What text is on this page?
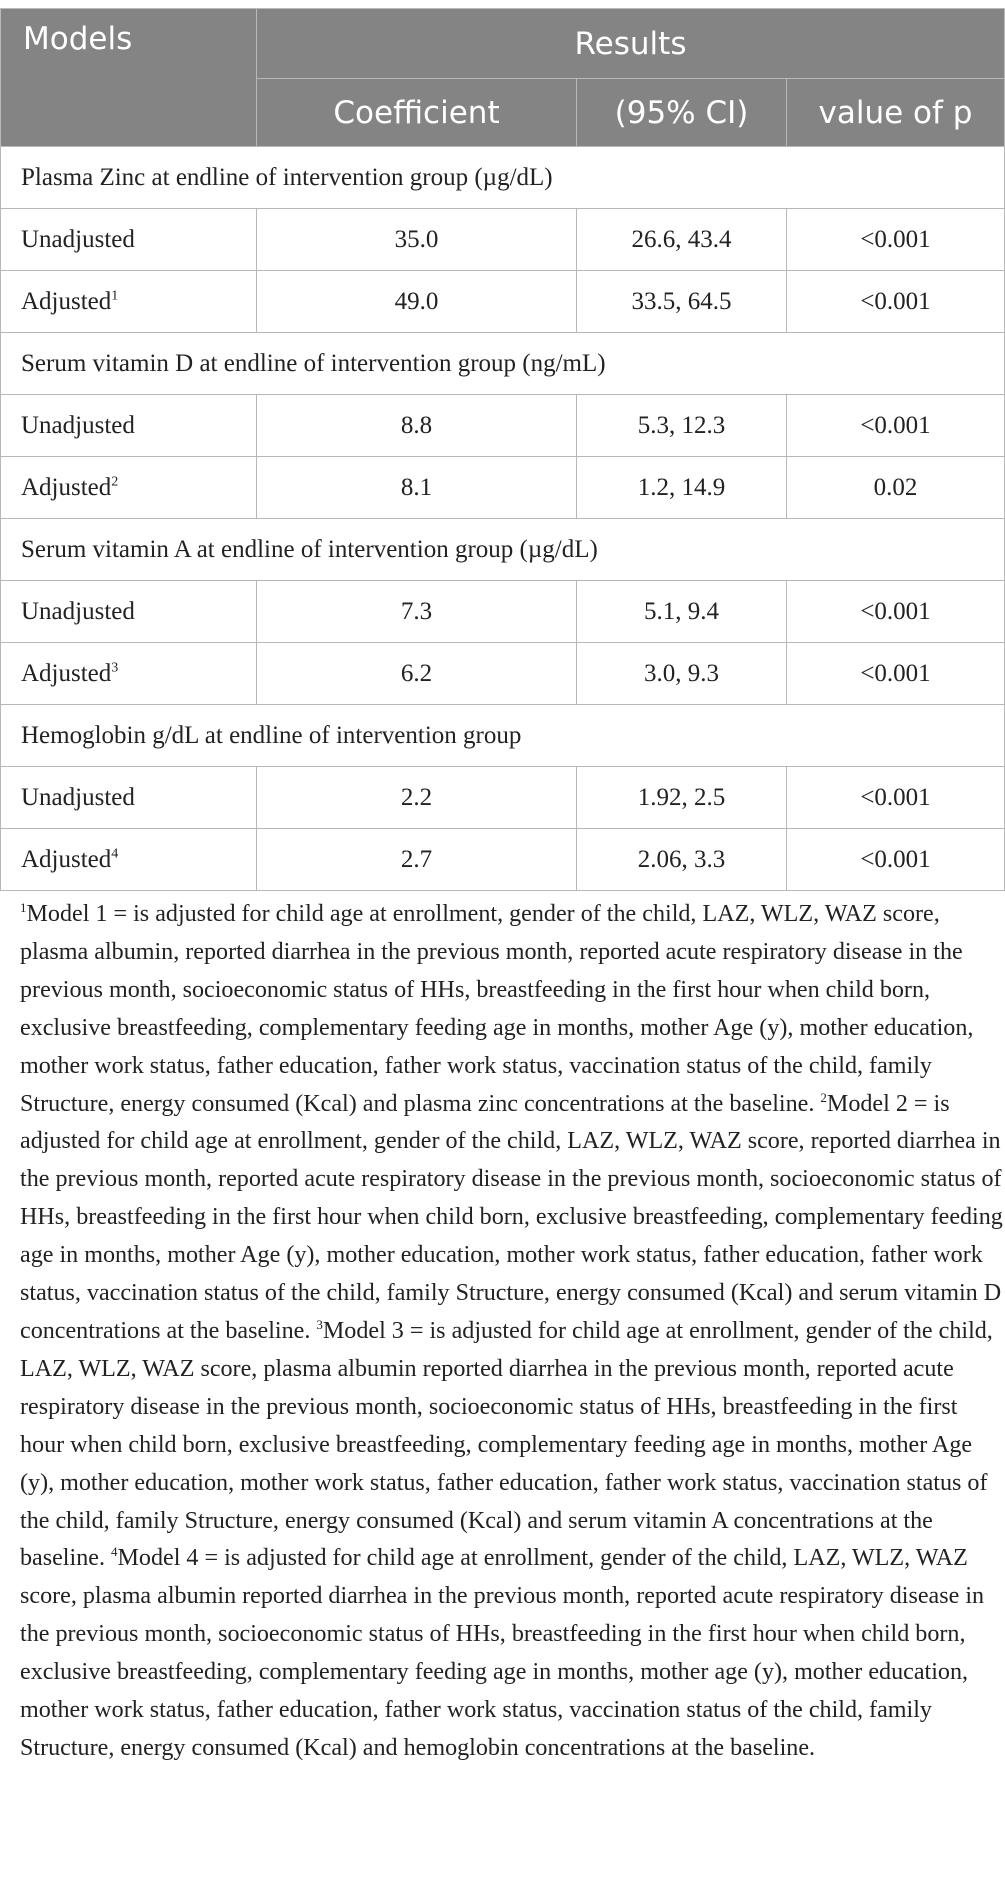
Models	Results		
	Coefficient	(95% CI)	value of p
Plasma Zinc at endline of intervention group (µg/dL)			
Unadjusted	35.0	26.6, 43.4	<0.001
Adjusted$^1$	49.0	33.5, 64.5	<0.001
Serum vitamin D at endline of intervention group (ng/mL)			
Unadjusted	8.8	5.3, 12.3	<0.001
Adjusted$^2$	8.1	1.2, 14.9	0.02
Serum vitamin A at endline of intervention group (µg/dL)			
Unadjusted	7.3	5.1, 9.4	<0.001
Adjusted$^3$	6.2	3.0, 9.3	<0.001
Hemoglobin g/dL at endline of intervention group			
Unadjusted	2.2	1.92, 2.5	<0.001
Adjusted$^4$	2.7	2.06, 3.3	<0.001
$^1$Model 1 = is adjusted for child age at enrollment, gender of the child, LAZ, WLZ, WAZ score, plasma albumin, reported diarrhea in the previous month, reported acute respiratory disease in the previous month, socioeconomic status of HHs, breastfeeding in the first hour when child born, exclusive breastfeeding, complementary feeding age in months, mother Age (y), mother education, mother work status, father education, father work status, vaccination status of the child, family Structure, energy consumed (Kcal) and plasma zinc concentrations at the baseline. $^2$Model 2 = is adjusted for child age at enrollment, gender of the child, LAZ, WLZ, WAZ score, reported diarrhea in the previous month, reported acute respiratory disease in the previous month, socioeconomic status of HHs, breastfeeding in the first hour when child born, exclusive breastfeeding, complementary feeding age in months, mother Age (y), mother education, mother work status, father education, father work status, vaccination status of the child, family Structure, energy consumed (Kcal) and serum vitamin D concentrations at the baseline. $^3$Model 3 = is adjusted for child age at enrollment, gender of the child, LAZ, WLZ, WAZ score, plasma albumin reported diarrhea in the previous month, reported acute respiratory disease in the previous month, socioeconomic status of HHs, breastfeeding in the first hour when child born, exclusive breastfeeding, complementary feeding age in months, mother Age (y), mother education, mother work status, father education, father work status, vaccination status of the child, family Structure, energy consumed (Kcal) and serum vitamin A concentrations at the baseline. $^4$Model 4 = is adjusted for child age at enrollment, gender of the child, LAZ, WLZ, WAZ score, plasma albumin reported diarrhea in the previous month, reported acute respiratory disease in the previous month, socioeconomic status of HHs, breastfeeding in the first hour when child born, exclusive breastfeeding, complementary feeding age in months, mother age (y), mother education, mother work status, father education, father work status, vaccination status of the child, family Structure, energy consumed (Kcal) and hemoglobin concentrations at the baseline.
